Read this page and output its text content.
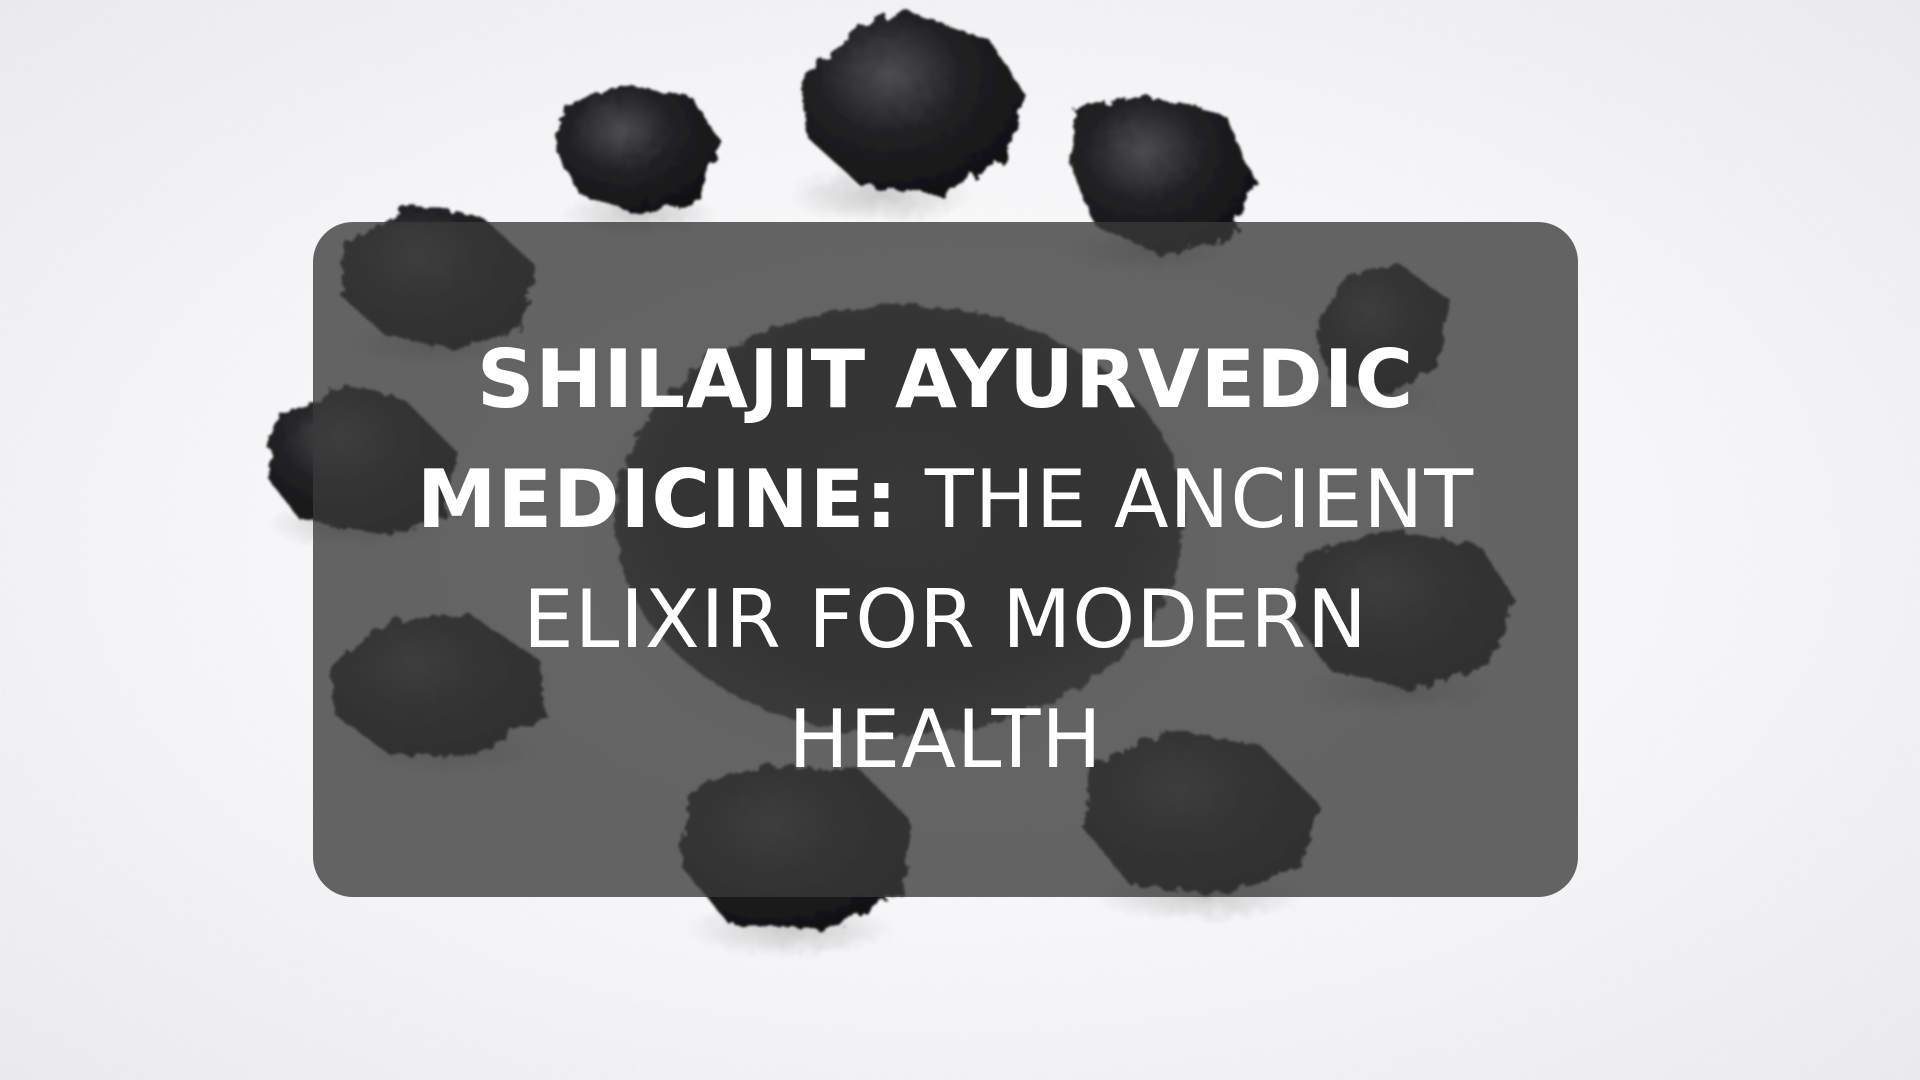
SHILAJIT AYURVEDIC MEDICINE: THE ANCIENT ELIXIR FOR MODERN HEALTH
